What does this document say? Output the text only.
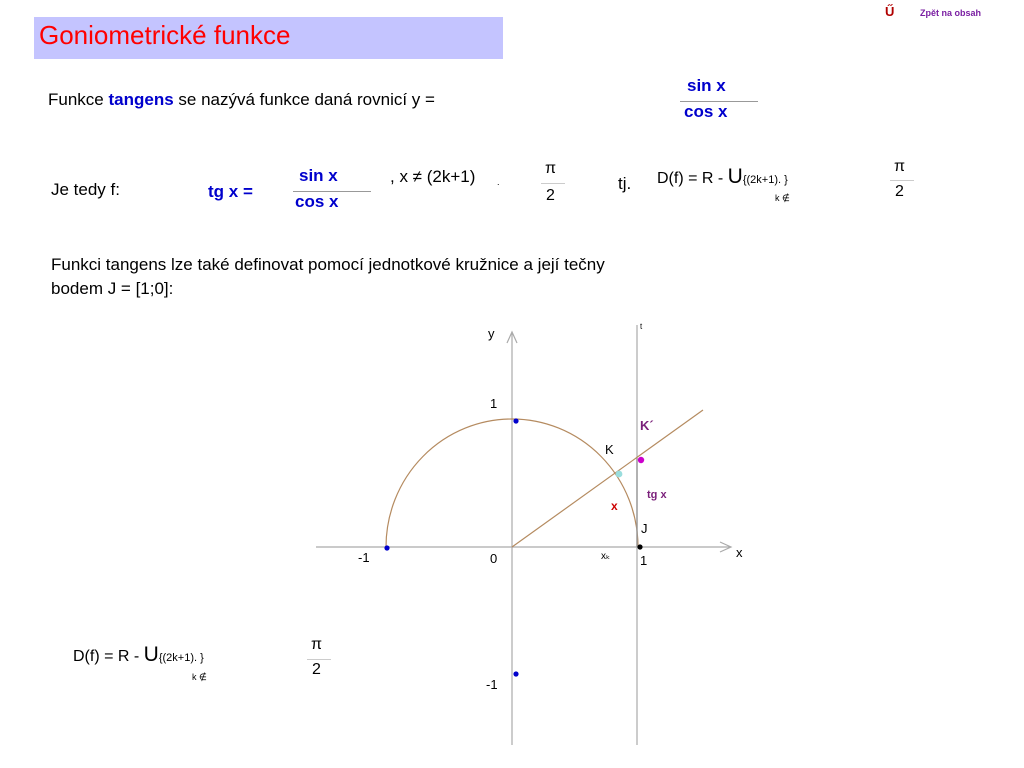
Goniometrické funkce
Ű	Zpět na obsah
Funkce tangens se nazývá funkce daná rovnicí y =
sin x
cos x
Je tedy f:	tg x =
sin x
cos x
, x ≠ (2k+1) .
π
2
tj. D(f) = R - U{(2k+1). }
k ∉
π
2
Funkci tangens lze také definovat pomocí jednotkové kružnice a její tečny
bodem J = [1;0]:
y	t
x
1
-1	0	1
-1
xₖ
K
K´
J
x
tg x
D(f) = R - U{(2k+1). }
k ∉
π
2
